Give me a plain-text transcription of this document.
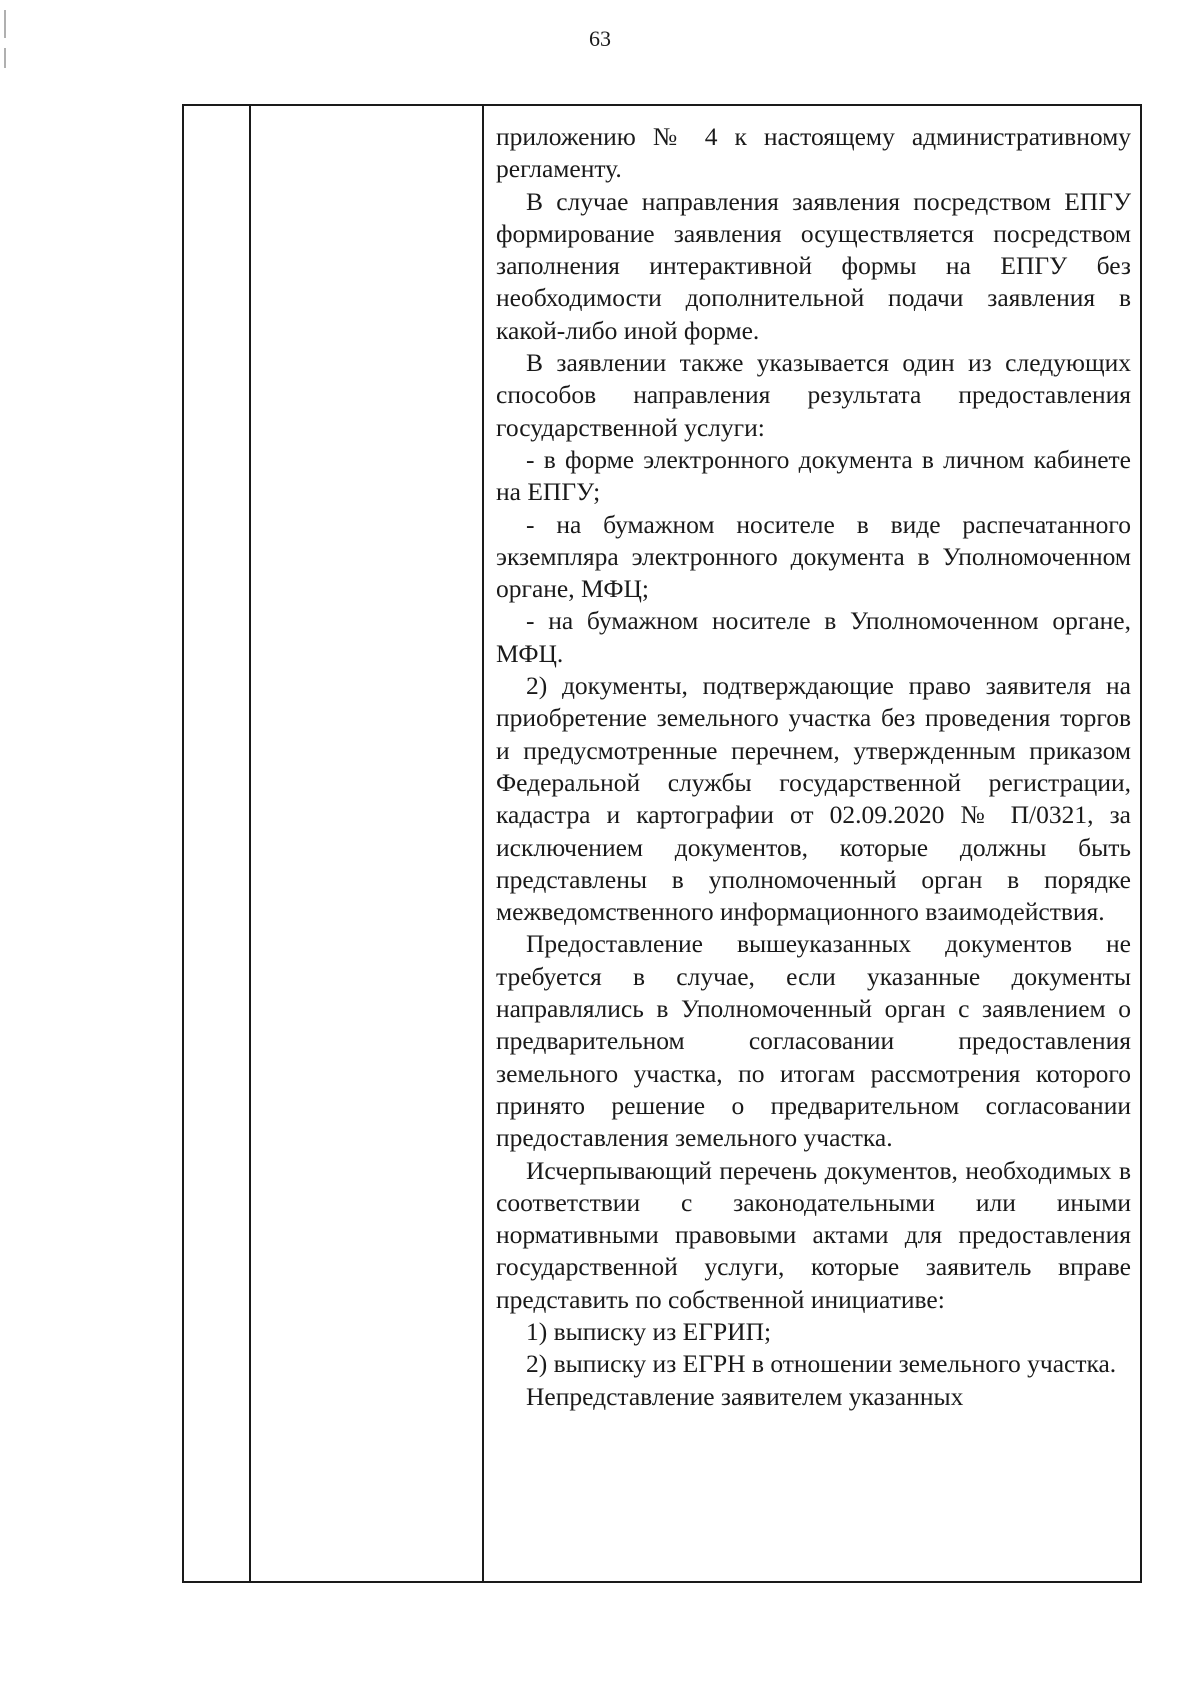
63

приложению № 4 к настоящему административному регламенту.

В случае направления заявления посредством ЕПГУ формирование заявления осуществляется посредством заполнения интерактивной формы на ЕПГУ без необходимости дополнительной подачи заявления в какой-либо иной форме.

В заявлении также указывается один из следующих способов направления результата предоставления государственной услуги:

- в форме электронного документа в личном кабинете на ЕПГУ;

- на бумажном носителе в виде распечатанного экземпляра электронного документа в Уполномоченном органе, МФЦ;

- на бумажном носителе в Уполномоченном органе, МФЦ.

2) документы, подтверждающие право заявителя на приобретение земельного участка без проведения торгов и предусмотренные перечнем, утвержденным приказом Федеральной службы государственной регистрации, кадастра и картографии от 02.09.2020 № П/0321, за исключением документов, которые должны быть представлены в уполномоченный орган в порядке межведомственного информационного взаимодействия.

Предоставление вышеуказанных документов не требуется в случае, если указанные документы направлялись в Уполномоченный орган с заявлением о предварительном согласовании предоставления земельного участка, по итогам рассмотрения которого принято решение о предварительном согласовании предоставления земельного участка.

Исчерпывающий перечень документов, необходимых в соответствии с законодательными или иными нормативными правовыми актами для предоставления государственной услуги, которые заявитель вправе представить по собственной инициативе:

1) выписку из ЕГРИП;

2) выписку из ЕГРН в отношении земельного участка.

Непредставление заявителем указанных
